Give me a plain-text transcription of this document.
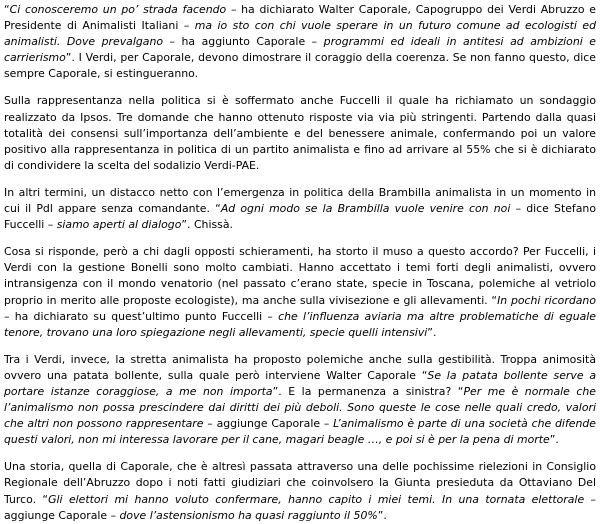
“Ci conosceremo un po’ strada facendo – ha dichiarato Walter Caporale, Capogruppo dei Verdi Abruzzo e Presidente di Animalisti Italiani – ma io sto con chi vuole sperare in un futuro comune ad ecologisti ed animalisti. Dove prevalgano – ha aggiunto Caporale – programmi ed ideali in antitesi ad ambizioni e carrierismo”. I Verdi, per Caporale, devono dimostrare il coraggio della coerenza. Se non fanno questo, dice sempre Caporale, si estingueranno.

Sulla rappresentanza nella politica si è soffermato anche Fuccelli il quale ha richiamato un sondaggio realizzato da Ipsos. Tre domande che hanno ottenuto risposte via via più stringenti. Partendo dalla quasi totalità dei consensi sull’importanza dell’ambiente e del benessere animale, confermando poi un valore positivo alla rappresentanza in politica di un partito animalista e fino ad arrivare al 55% che si è dichiarato di condividere la scelta del sodalizio Verdi-PAE.

In altri termini, un distacco netto con l’emergenza in politica della Brambilla animalista in un momento in cui il Pdl appare senza comandante. “Ad ogni modo se la Brambilla vuole venire con noi – dice Stefano Fuccelli – siamo aperti al dialogo”. Chissà.

Cosa si risponde, però a chi dagli opposti schieramenti, ha storto il muso a questo accordo? Per Fuccelli, i Verdi con la gestione Bonelli sono molto cambiati. Hanno accettato i temi forti degli animalisti, ovvero intransigenza con il mondo venatorio (nel passato c’erano state, specie in Toscana, polemiche al vetriolo proprio in merito alle proposte ecologiste), ma anche sulla vivisezione e gli allevamenti. “In pochi ricordano – ha dichiarato su quest’ultimo punto Fuccelli – che l’influenza aviaria ma altre problematiche di eguale tenore, trovano una loro spiegazione negli allevamenti, specie quelli intensivi”.

Tra i Verdi, invece, la stretta animalista ha proposto polemiche anche sulla gestibilità. Troppa animosità ovvero una patata bollente, sulla quale però interviene Walter Caporale “Se la patata bollente serve a portare istanze coraggiose, a me non importa”. E la permanenza a sinistra? “Per me è normale che l’animalismo non possa prescindere dai diritti dei più deboli. Sono queste le cose nelle quali credo, valori che altri non possono rappresentare – aggiunge Caporale – L’animalismo è parte di una società che difende questi valori, non mi interessa lavorare per il cane, magari beagle …, e poi si è per la pena di morte”.

Una storia, quella di Caporale, che è altresì passata attraverso una delle pochissime rielezioni in Consiglio Regionale dell’Abruzzo dopo i noti fatti giudiziari che coinvolsero la Giunta presieduta da Ottaviano Del Turco. “Gli elettori mi hanno voluto confermare, hanno capito i miei temi. In una tornata elettorale – aggiunge Caporale – dove l’astensionismo ha quasi raggiunto il 50%”.
